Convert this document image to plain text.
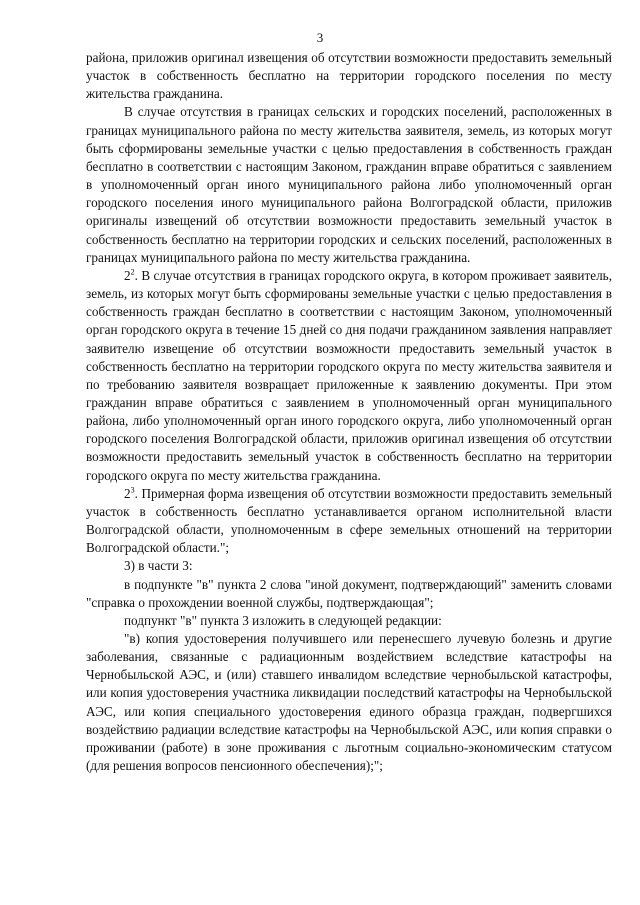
3

района, приложив оригинал извещения об отсутствии возможности предоставить земельный участок в собственность бесплатно на территории городского поселения по месту жительства гражданина.

В случае отсутствия в границах сельских и городских поселений, расположенных в границах муниципального района по месту жительства заявителя, земель, из которых могут быть сформированы земельные участки с целью предоставления в собственность граждан бесплатно в соответствии с настоящим Законом, гражданин вправе обратиться с заявлением в уполномоченный орган иного муниципального района либо уполномоченный орган городского поселения иного муниципального района Волгоградской области, приложив оригиналы извещений об отсутствии возможности предоставить земельный участок в собственность бесплатно на территории городских и сельских поселений, расположенных в границах муниципального района по месту жительства гражданина.

$2^2$. В случае отсутствия в границах городского округа, в котором проживает заявитель, земель, из которых могут быть сформированы земельные участки с целью предоставления в собственность граждан бесплатно в соответствии с настоящим Законом, уполномоченный орган городского округа в течение 15 дней со дня подачи гражданином заявления направляет заявителю извещение об отсутствии возможности предоставить земельный участок в собственность бесплатно на территории городского округа по месту жительства заявителя и по требованию заявителя возвращает приложенные к заявлению документы. При этом гражданин вправе обратиться с заявлением в уполномоченный орган муниципального района, либо уполномоченный орган иного городского округа, либо уполномоченный орган городского поселения Волгоградской области, приложив оригинал извещения об отсутствии возможности предоставить земельный участок в собственность бесплатно на территории городского округа по месту жительства гражданина.

$2^3$. Примерная форма извещения об отсутствии возможности предоставить земельный участок в собственность бесплатно устанавливается органом исполнительной власти Волгоградской области, уполномоченным в сфере земельных отношений на территории Волгоградской области.";

3) в части 3:

в подпункте "в" пункта 2 слова "иной документ, подтверждающий" заменить словами "справка о прохождении военной службы, подтверждающая";

подпункт "в" пункта 3 изложить в следующей редакции:

"в) копия удостоверения получившего или перенесшего лучевую болезнь и другие заболевания, связанные с радиационным воздействием вследствие катастрофы на Чернобыльской АЭС, и (или) ставшего инвалидом вследствие чернобыльской катастрофы, или копия удостоверения участника ликвидации последствий катастрофы на Чернобыльской АЭС, или копия специального удостоверения единого образца граждан, подвергшихся воздействию радиации вследствие катастрофы на Чернобыльской АЭС, или копия справки о проживании (работе) в зоне проживания с льготным социально-экономическим статусом (для решения вопросов пенсионного обеспечения);";
